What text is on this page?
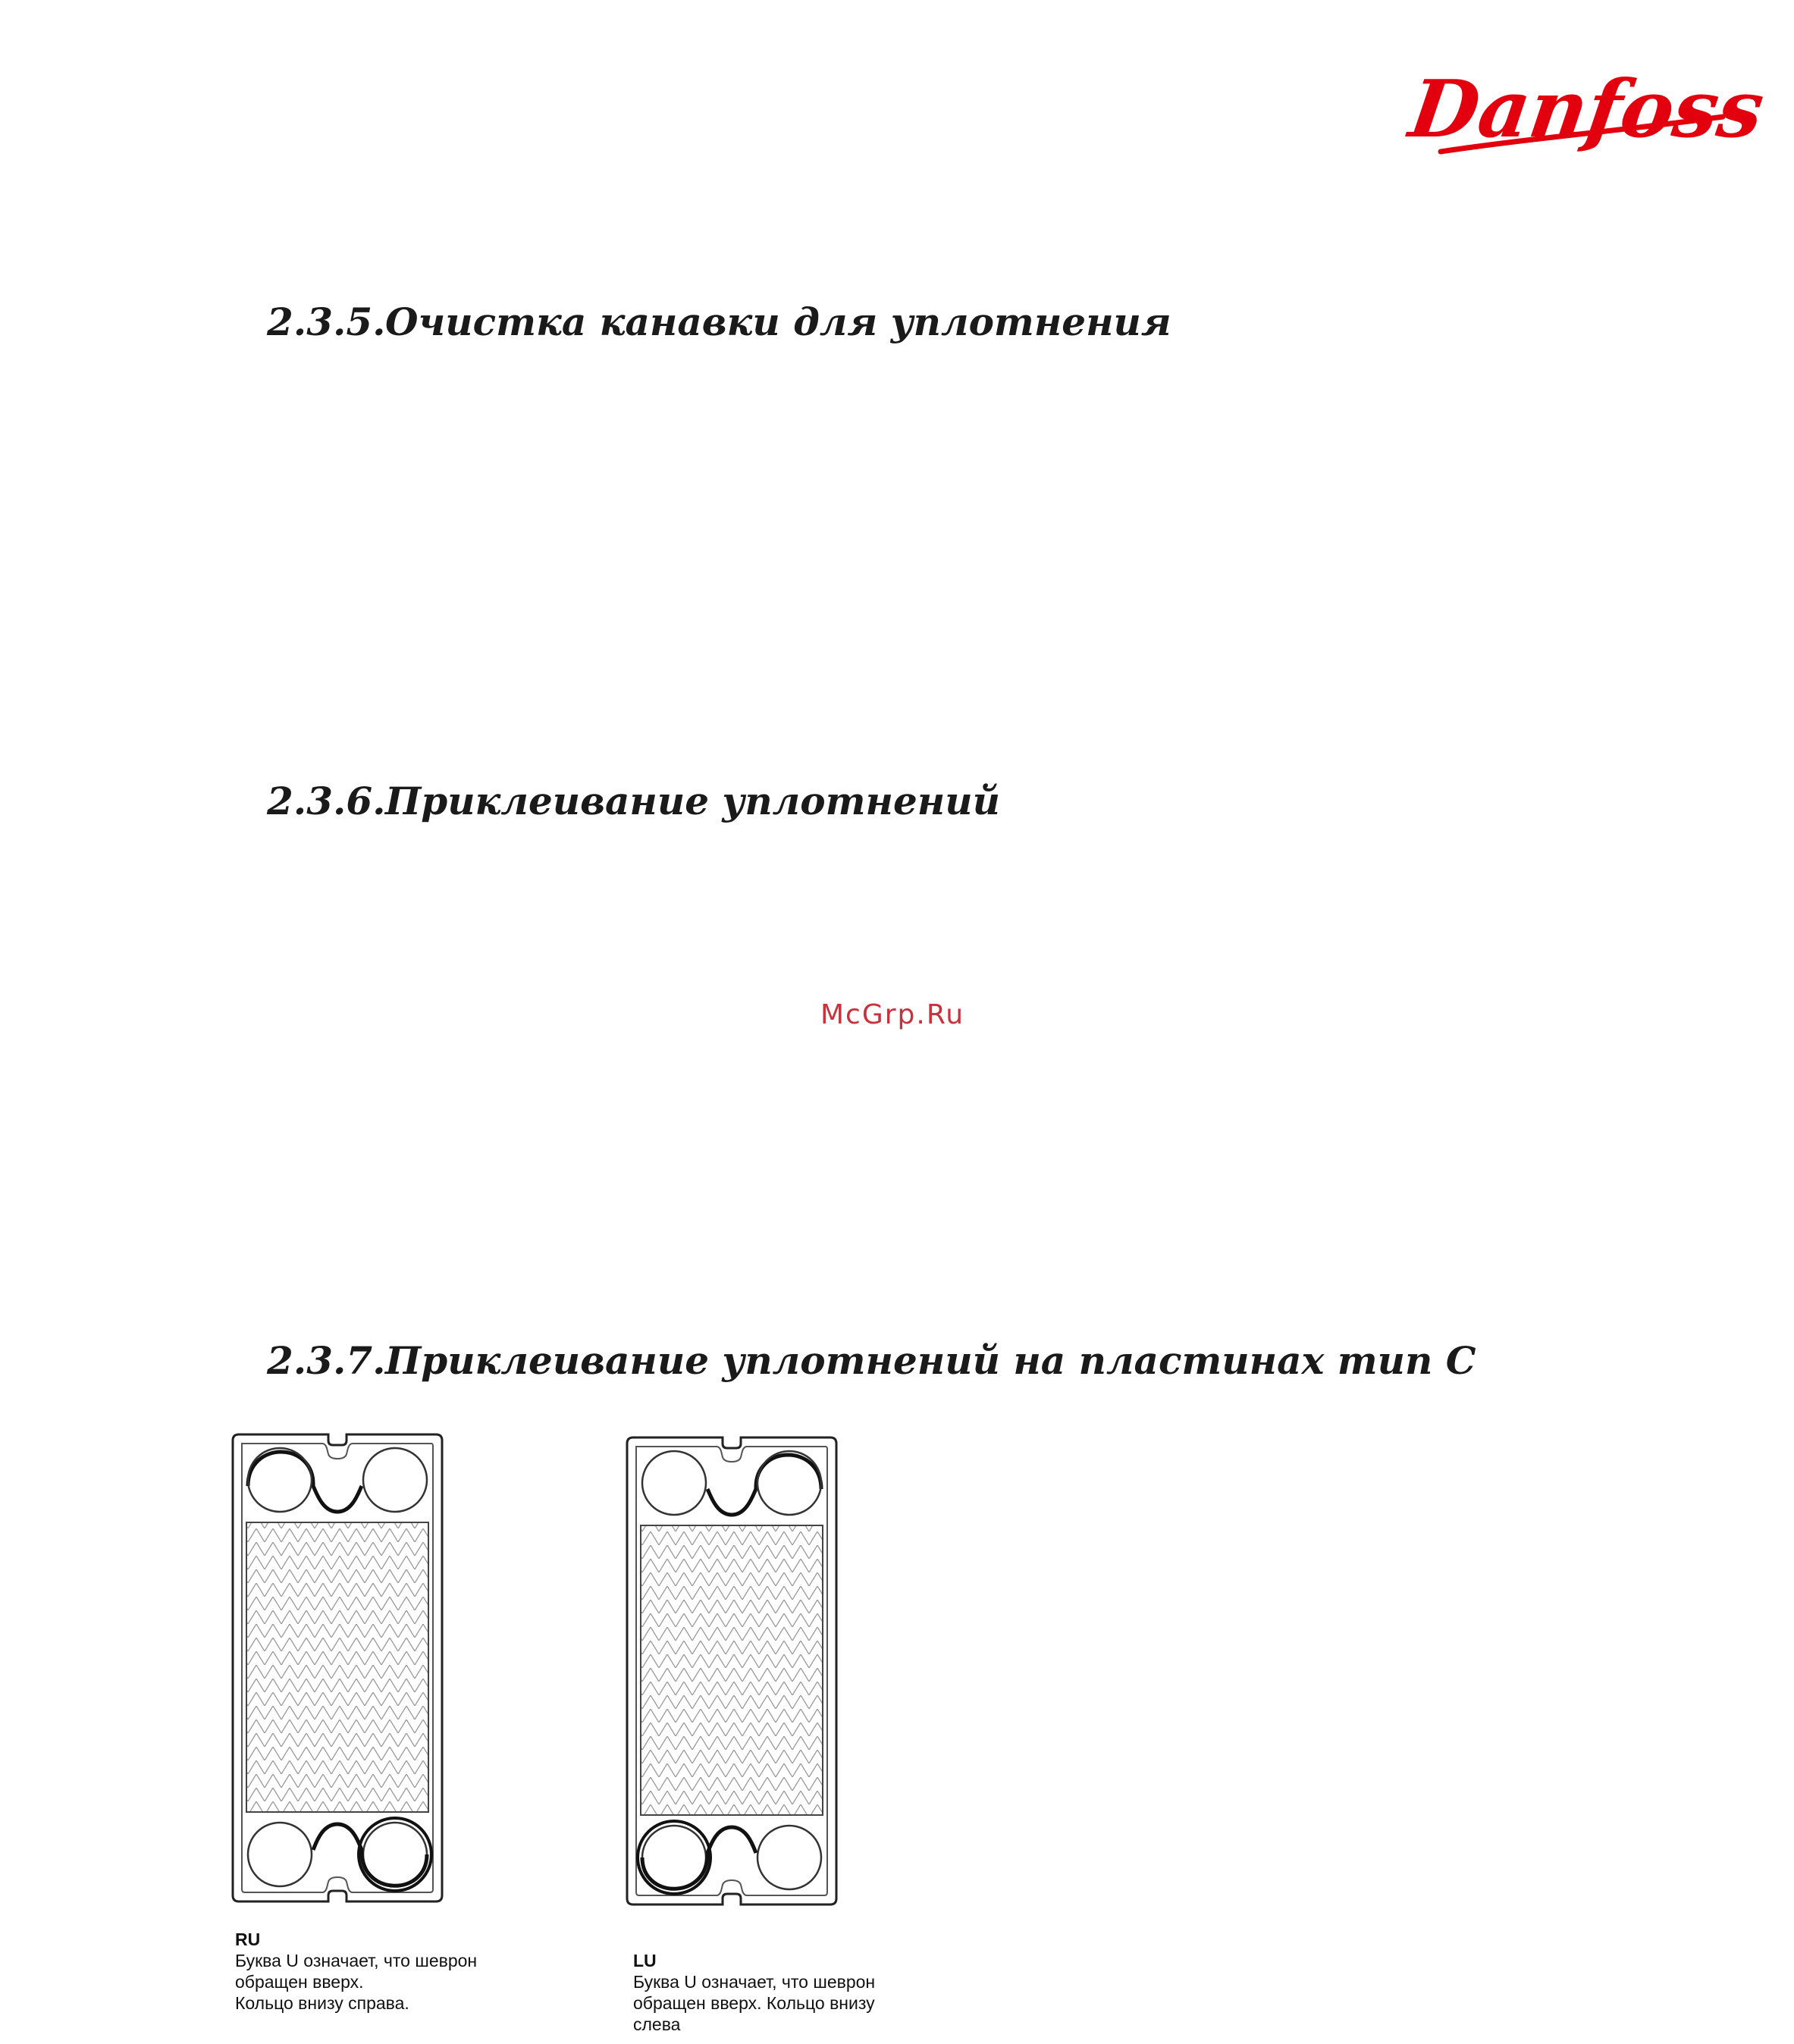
Danfoss
2.3.5.Очистка канавки для уплотнения
2.3.6.Приклеивание уплотнений
McGrp.Ru
2.3.7.Приклеивание уплотнений на пластинах тип С
RU
Буква U означает, что шеврон
обращен вверх.
Кольцо внизу справа.
LU
Буква U означает, что шеврон
обращен вверх. Кольцо внизу
слева
